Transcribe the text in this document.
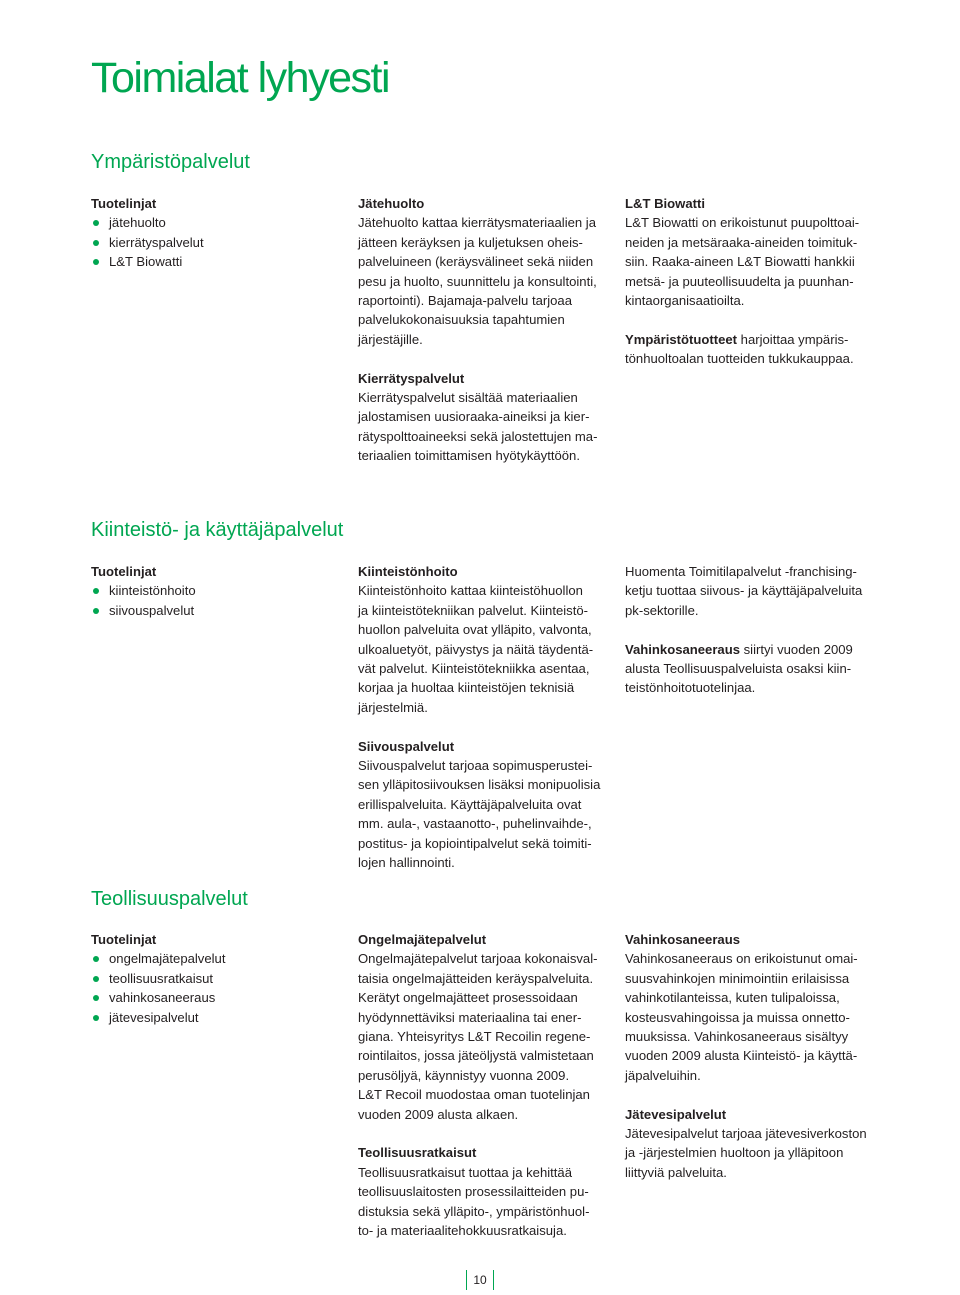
Toimialat lyhyesti
Ympäristöpalvelut
Tuotelinjat
jätehuolto
kierrätyspalvelut
L&T Biowatti
Jätehuolto

Jätehuolto kattaa kierrätysmateriaalien ja

jätteen keräyksen ja kuljetuksen oheis-

palveluineen (keräysvälineet sekä niiden

pesu ja huolto, suunnittelu ja konsultointi,

raportointi). Bajamaja-palvelu tarjoaa

palvelukokonaisuuksia tapahtumien

järjestäjille.

Kierrätyspalvelut

Kierrätyspalvelut sisältää materiaalien

jalostamisen uusioraaka-aineiksi ja kier-

rätyspolttoaineeksi sekä jalostettujen ma-

teriaalien toimittamisen hyötykäyttöön.

L&T Biowatti

L&T Biowatti on erikoistunut puupolttoai-

neiden ja metsäraaka-aineiden toimituk-

siin. Raaka-aineen L&T Biowatti hankkii

metsä- ja puuteollisuudelta ja puunhan-

kintaorganisaatioilta.

Ympäristötuotteet harjoittaa ympäris-

tönhuoltoalan tuotteiden tukkukauppaa.

Kiinteistö- ja käyttäjäpalvelut
Tuotelinjat
kiinteistönhoito
siivouspalvelut
Kiinteistönhoito

Kiinteistönhoito kattaa kiinteistöhuollon

ja kiinteistötekniikan palvelut. Kiinteistö-

huollon palveluita ovat ylläpito, valvonta,

ulkoaluetyöt, päivystys ja näitä täydentä-

vät palvelut. Kiinteistötekniikka asentaa,

korjaa ja huoltaa kiinteistöjen teknisiä

järjestelmiä.

Siivouspalvelut

Siivouspalvelut tarjoaa sopimusperustei-

sen ylläpitosiivouksen lisäksi monipuolisia

erillispalveluita. Käyttäjäpalveluita ovat

mm. aula-, vastaanotto-, puhelinvaihde-,

postitus- ja kopiointipalvelut sekä toimiti-

lojen hallinnointi.

Huomenta Toimitilapalvelut -franchising-

ketju tuottaa siivous- ja käyttäjäpalveluita

pk-sektorille.

Vahinkosaneeraus siirtyi vuoden 2009

alusta Teollisuuspalveluista osaksi kiin-

teistönhoitotuotelinjaa.

Teollisuuspalvelut
Tuotelinjat
ongelmajätepalvelut
teollisuusratkaisut
vahinkosaneeraus
jätevesipalvelut
Ongelmajätepalvelut

Ongelmajätepalvelut tarjoaa kokonaisval-

taisia ongelmajätteiden keräyspalveluita.

Kerätyt ongelmajätteet prosessoidaan

hyödynnettäviksi materiaalina tai ener-

giana. Yhteisyritys L&T Recoilin regene-

rointilaitos, jossa jäteöljystä valmistetaan

perusöljyä, käynnistyy vuonna 2009.

L&T Recoil muodostaa oman tuotelinjan

vuoden 2009 alusta alkaen.

Teollisuusratkaisut

Teollisuusratkaisut tuottaa ja kehittää

teollisuuslaitosten prosessilaitteiden pu-

distuksia sekä ylläpito-, ympäristönhuol-

to- ja materiaalitehokkuusratkaisuja.

Vahinkosaneeraus

Vahinkosaneeraus on erikoistunut omai-

suusvahinkojen minimointiin erilaisissa

vahinkotilanteissa, kuten tulipaloissa,

kosteusvahingoissa ja muissa onnetto-

muuksissa. Vahinkosaneeraus sisältyy

vuoden 2009 alusta Kiinteistö- ja käyttä-

jäpalveluihin.

Jätevesipalvelut

Jätevesipalvelut tarjoaa jätevesiverkoston

ja -järjestelmien huoltoon ja ylläpitoon

liittyviä palveluita.

10
